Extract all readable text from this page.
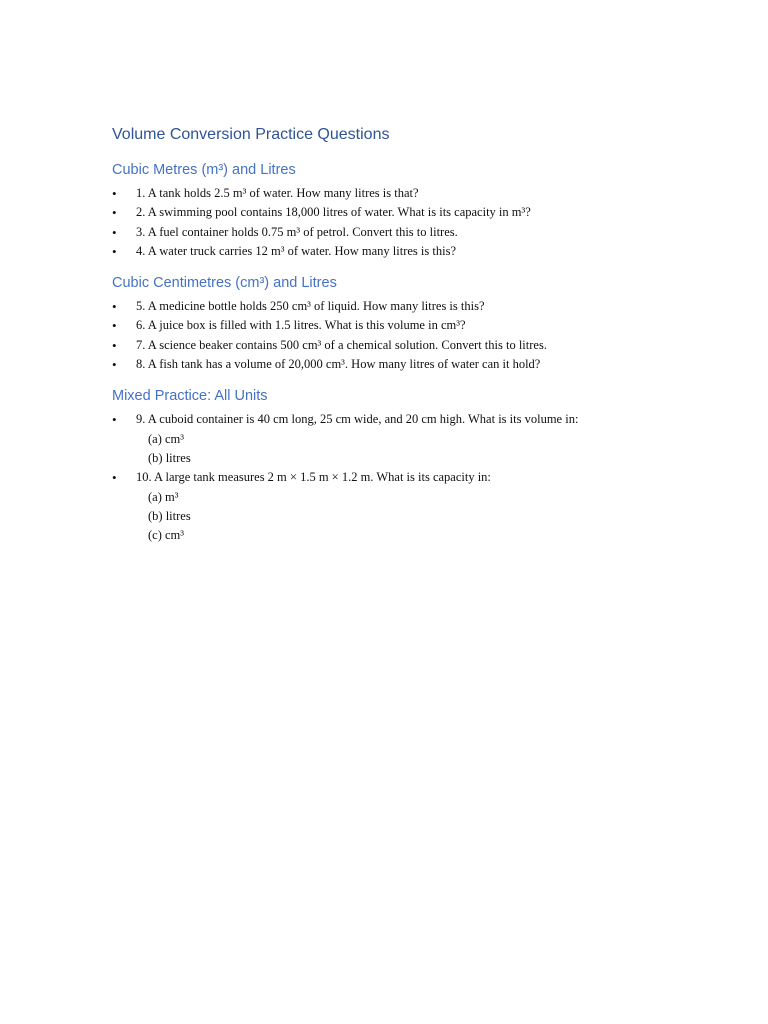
Volume Conversion Practice Questions
Cubic Metres (m³) and Litres
• 1. A tank holds 2.5 m³ of water. How many litres is that?
• 2. A swimming pool contains 18,000 litres of water. What is its capacity in m³?
• 3. A fuel container holds 0.75 m³ of petrol. Convert this to litres.
• 4. A water truck carries 12 m³ of water. How many litres is this?
Cubic Centimetres (cm³) and Litres
• 5. A medicine bottle holds 250 cm³ of liquid. How many litres is this?
• 6. A juice box is filled with 1.5 litres. What is this volume in cm³?
• 7. A science beaker contains 500 cm³ of a chemical solution. Convert this to litres.
• 8. A fish tank has a volume of 20,000 cm³. How many litres of water can it hold?
Mixed Practice: All Units
• 9. A cuboid container is 40 cm long, 25 cm wide, and 20 cm high. What is its volume in:
(a) cm³
(b) litres
• 10. A large tank measures 2 m × 1.5 m × 1.2 m. What is its capacity in:
(a) m³
(b) litres
(c) cm³
